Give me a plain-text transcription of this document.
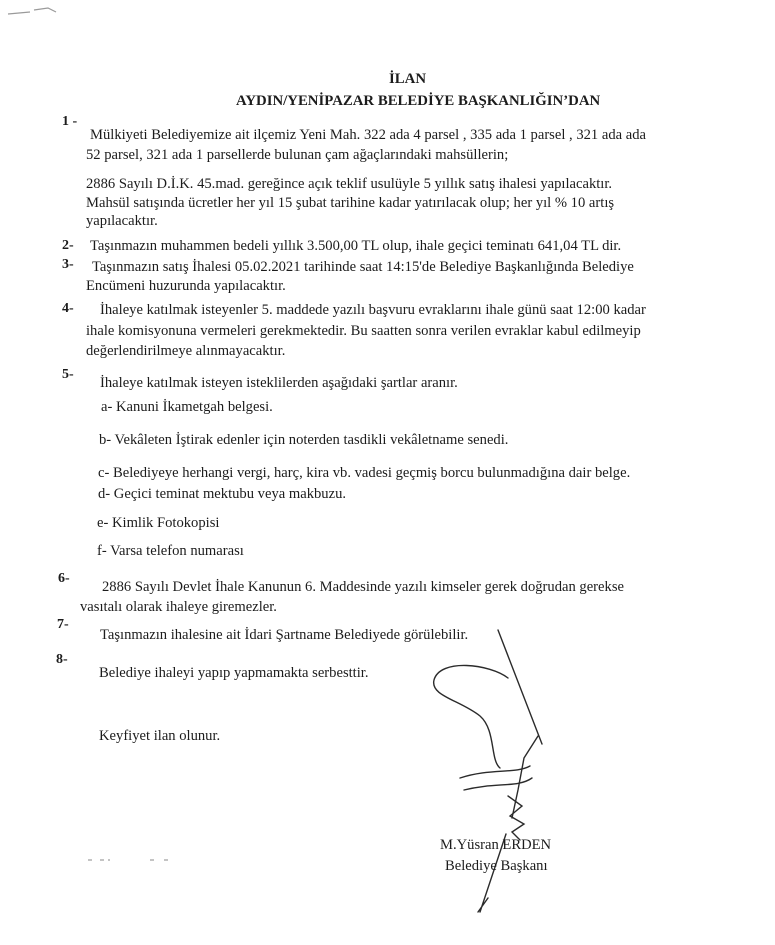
İLAN
AYDIN/YENİPAZAR BELEDİYE BAŞKANLIĞIN’DAN
1 -
Mülkiyeti Belediyemize ait ilçemiz Yeni Mah. 322 ada 4 parsel , 335 ada 1 parsel , 321 ada ada
52 parsel, 321 ada 1 parsellerde bulunan çam ağaçlarındaki mahsüllerin;
2886 Sayılı D.İ.K. 45.mad. gereğince açık teklif usulüyle 5 yıllık satış ihalesi yapılacaktır.
Mahsül satışında ücretler her yıl 15 şubat tarihine kadar yatırılacak olup; her yıl % 10 artış
yapılacaktır.
2- Taşınmazın muhammen bedeli yıllık 3.500,00 TL olup, ihale geçici teminatı 641,04 TL dir.
3- Taşınmazın satış İhalesi 05.02.2021 tarihinde saat 14:15'de Belediye Başkanlığında Belediye
Encümeni huzurunda yapılacaktır.
4- İhaleye katılmak isteyenler 5. maddede yazılı başvuru evraklarını ihale günü saat 12:00 kadar
ihale komisyonuna vermeleri gerekmektedir. Bu saatten sonra verilen evraklar kabul edilmeyip
değerlendirilmeye alınmayacaktır.
5-
İhaleye katılmak isteyen isteklilerden aşağıdaki şartlar aranır.
a- Kanuni İkametgah belgesi.
b- Vekâleten İştirak edenler için noterden tasdikli vekâletname senedi.
c- Belediyeye herhangi vergi, harç, kira vb. vadesi geçmiş borcu bulunmadığına dair belge.
d- Geçici teminat mektubu veya makbuzu.
e- Kimlik Fotokopisi
f- Varsa telefon numarası
6-
2886 Sayılı Devlet İhale Kanunun 6. Maddesinde yazılı kimseler gerek doğrudan gerekse
vasıtalı olarak ihaleye giremezler.
7-
Taşınmazın ihalesine ait İdari Şartname Belediyede görülebilir.
8-
Belediye ihaleyi yapıp yapmamakta serbesttir.
Keyfiyet ilan olunur.
M.Yüsran ERDEN
Belediye Başkanı
